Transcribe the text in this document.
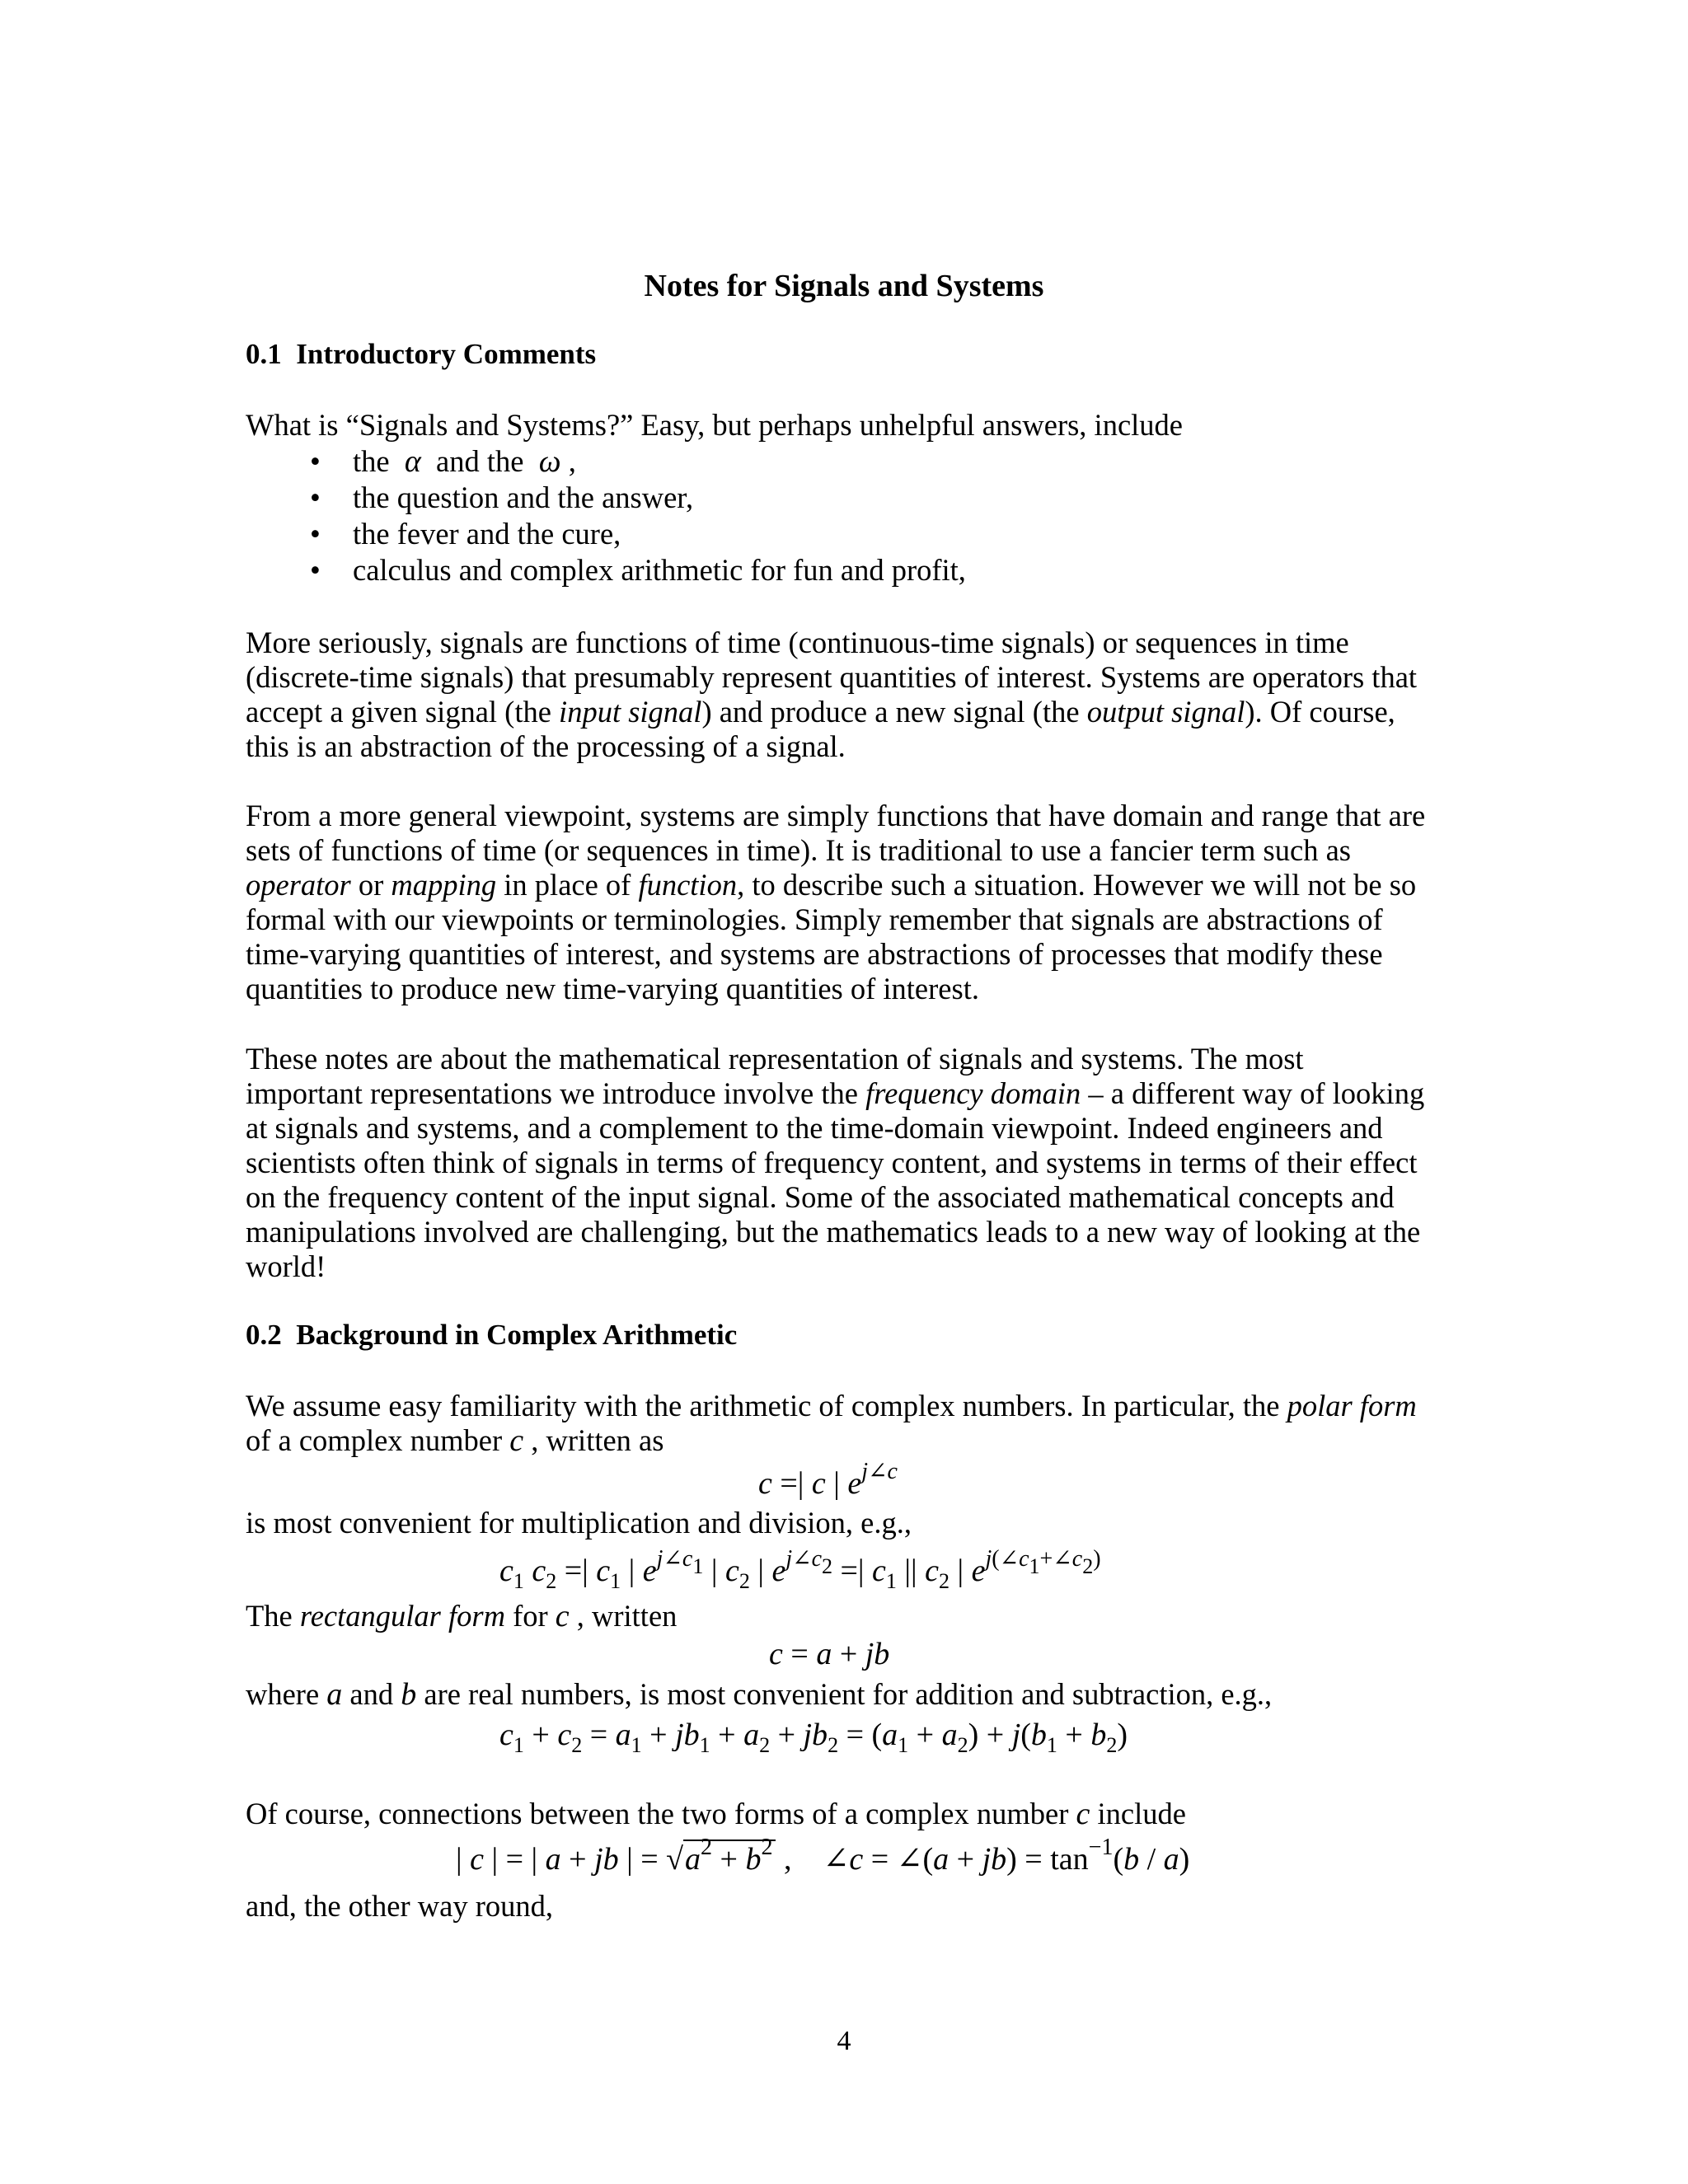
Notes for Signals and Systems
0.1 Introductory Comments
What is “Signals and Systems?” Easy, but perhaps unhelpful answers, include
• the α and the ω ,
• the question and the answer,
• the fever and the cure,
• calculus and complex arithmetic for fun and profit,
More seriously, signals are functions of time (continuous-time signals) or sequences in time
(discrete-time signals) that presumably represent quantities of interest. Systems are operators that
accept a given signal (the input signal) and produce a new signal (the output signal). Of course,
this is an abstraction of the processing of a signal.
From a more general viewpoint, systems are simply functions that have domain and range that are
sets of functions of time (or sequences in time). It is traditional to use a fancier term such as
operator or mapping in place of function, to describe such a situation. However we will not be so
formal with our viewpoints or terminologies. Simply remember that signals are abstractions of
time-varying quantities of interest, and systems are abstractions of processes that modify these
quantities to produce new time-varying quantities of interest.
These notes are about the mathematical representation of signals and systems. The most
important representations we introduce involve the frequency domain – a different way of looking
at signals and systems, and a complement to the time-domain viewpoint. Indeed engineers and
scientists often think of signals in terms of frequency content, and systems in terms of their effect
on the frequency content of the input signal. Some of the associated mathematical concepts and
manipulations involved are challenging, but the mathematics leads to a new way of looking at the
world!
0.2 Background in Complex Arithmetic
We assume easy familiarity with the arithmetic of complex numbers. In particular, the polar form
of a complex number c , written as
c =| c | $e^{j\angle c}$
is most convenient for multiplication and division, e.g.,
$c_1$ $c_2$ =| $c_1$ | $e^{j\angle c_1}$ | $c_2$ | $e^{j\angle c_2}$ =| $c_1$ || $c_2$ | $e^{j(\angle c_1+\angle c_2)}$
The rectangular form for c , written
c = a + jb
where a and b are real numbers, is most convenient for addition and subtraction, e.g.,
$c_1 + c_2 = a_1 + jb_1 + a_2 + jb_2 = (a_1 + a_2) + j(b_1 + b_2)$
Of course, connections between the two forms of a complex number c include
| c | = | a + jb | = $√a^2 + b^2$ ,    ∠c = ∠(a + $jb) = \tan^{-1}(b / a)$
and, the other way round,
4
